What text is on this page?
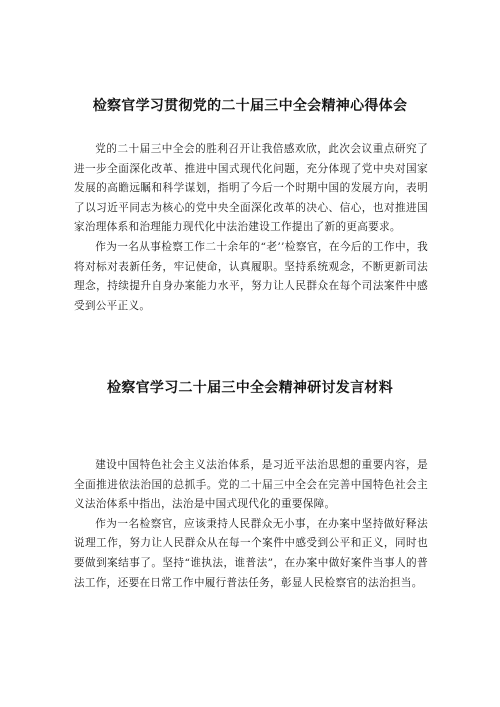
检察官学习贯彻党的二十届三中全会精神心得体会

党的二十届三中全会的胜利召开让我倍感欢欣，此次会议重点研究了进一步全面深化改革、推进中国式现代化问题，充分体现了党中央对国家发展的高瞻远瞩和科学谋划，指明了今后一个时期中国的发展方向，表明了以习近平同志为核心的党中央全面深化改革的决心、信心，也对推进国家治理体系和治理能力现代化中法治建设工作提出了新的更高要求。

作为一名从事检察工作二十余年的“老’’检察官，在今后的工作中，我将对标对表新任务，牢记使命，认真履职。坚持系统观念，不断更新司法理念，持续提升自身办案能力水平，努力让人民群众在每个司法案件中感受到公平正义。

检察官学习二十届三中全会精神研讨发言材料

建设中国特色社会主义法治体系，是习近平法治思想的重要内容，是全面推进依法治国的总抓手。党的二十届三中全会在完善中国特色社会主义法治体系中指出，法治是中国式现代化的重要保障。

作为一名检察官，应该秉持人民群众无小事，在办案中坚持做好释法说理工作，努力让人民群众从在每一个案件中感受到公平和正义，同时也要做到案结事了。坚持“谁执法，谁普法”，在办案中做好案件当事人的普法工作，还要在日常工作中履行普法任务，彰显人民检察官的法治担当。
